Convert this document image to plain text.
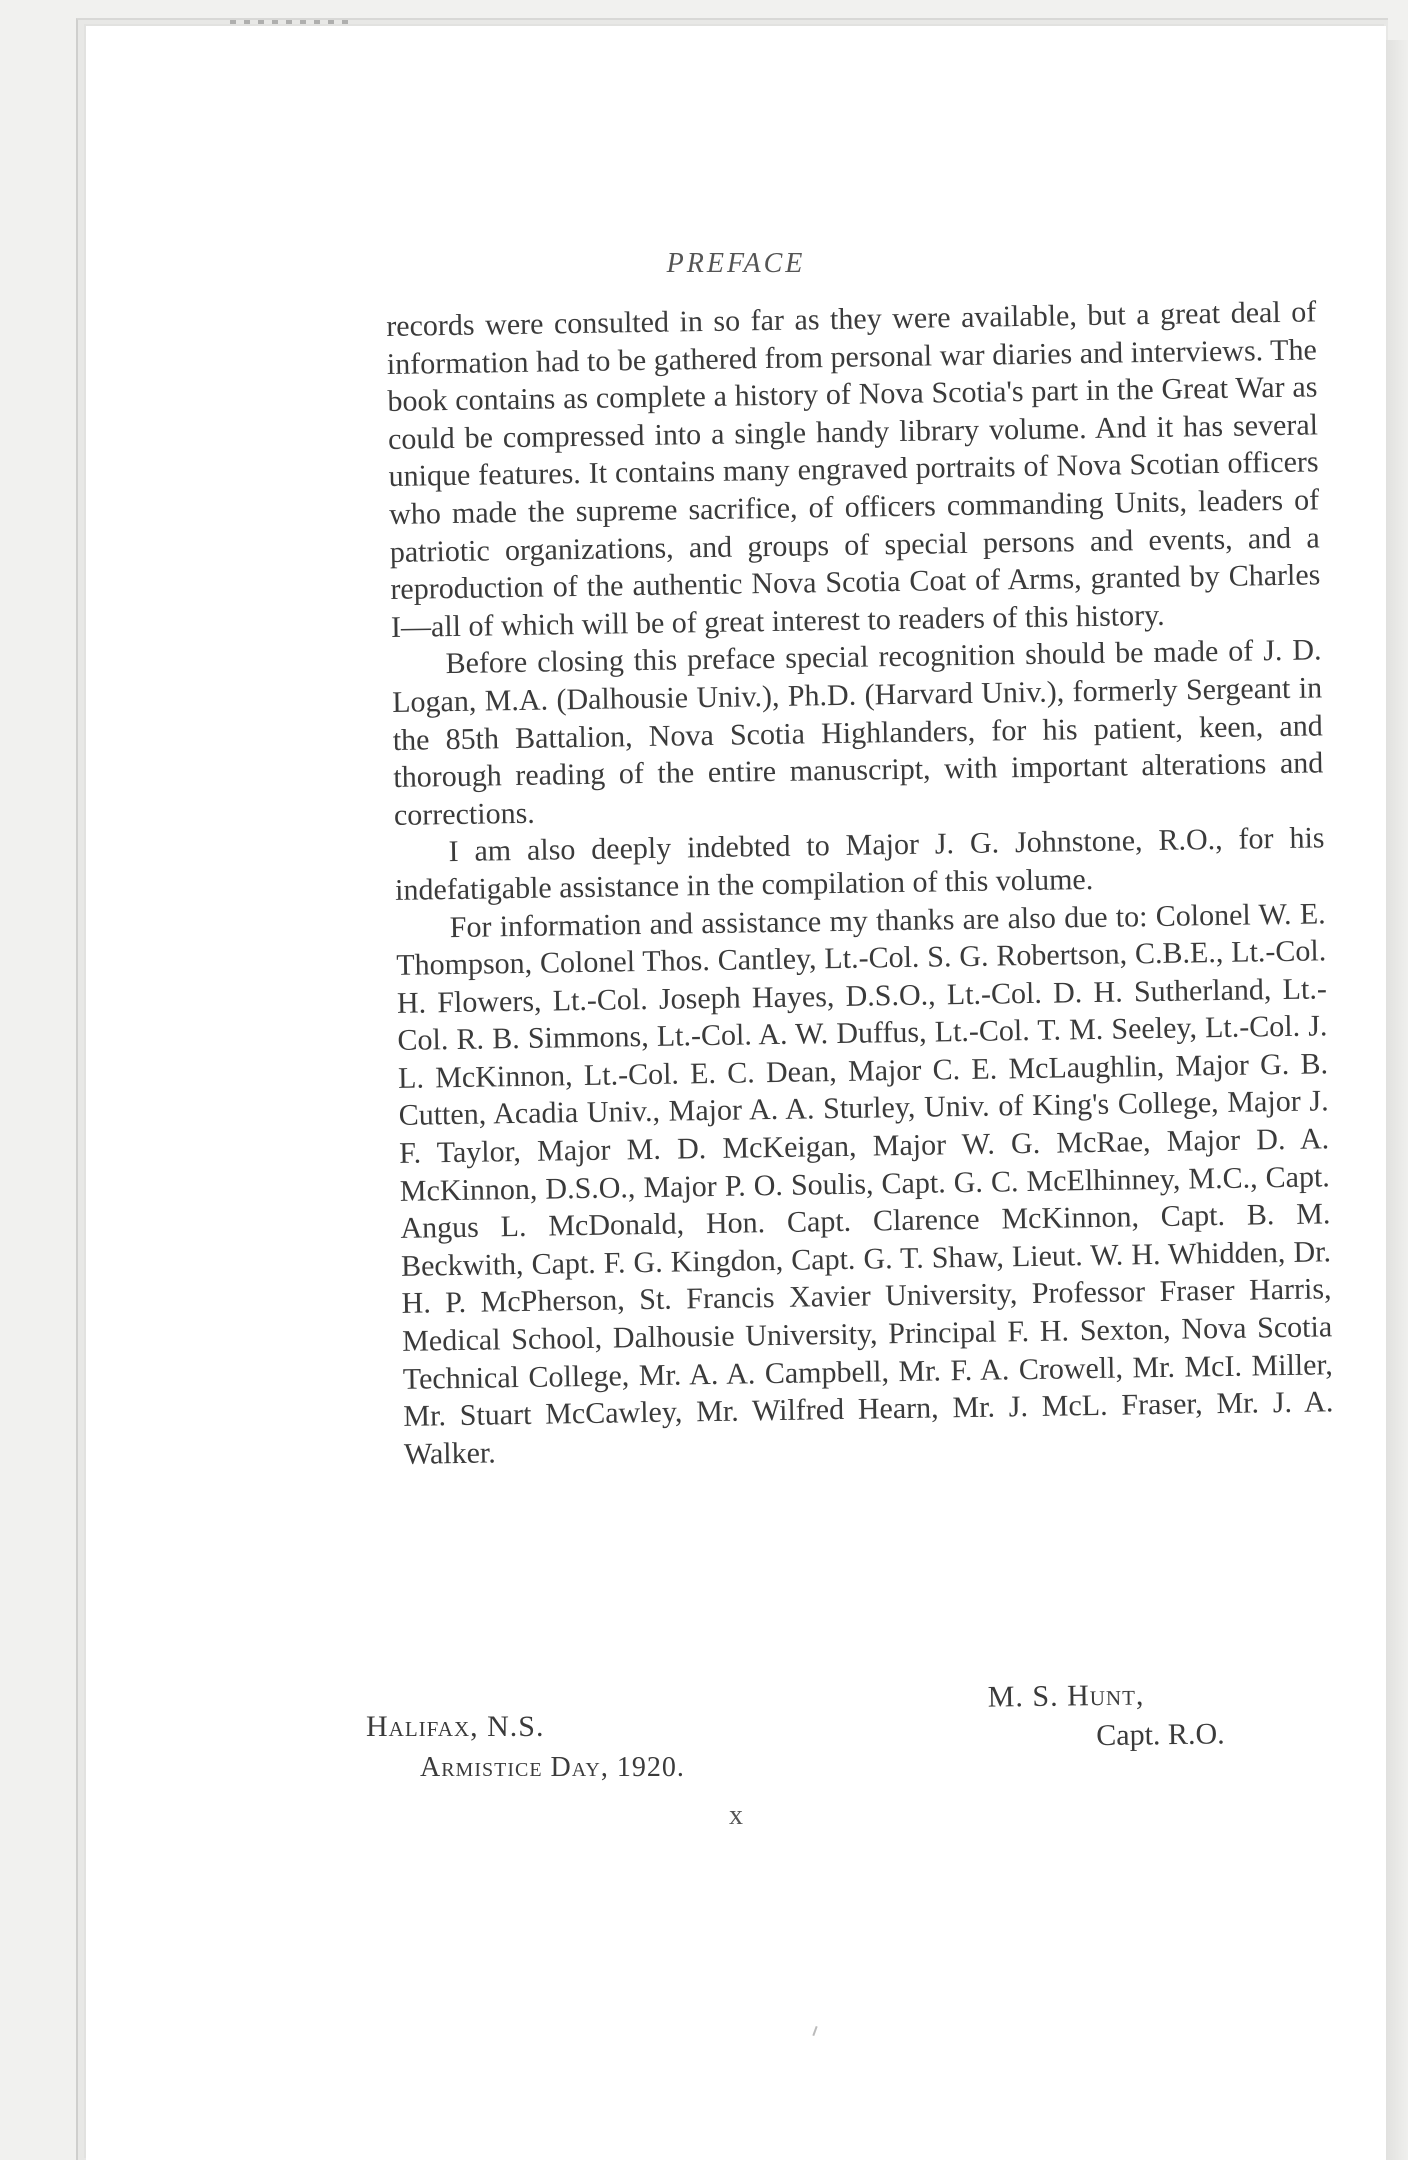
PREFACE

records were consulted in so far as they were available, but a great deal of information had to be gathered from personal war diaries and interviews. The book contains as complete a history of Nova Scotia's part in the Great War as could be compressed into a single handy library volume. And it has several unique features. It contains many engraved portraits of Nova Scotian officers who made the supreme sacrifice, of officers commanding Units, leaders of patriotic organizations, and groups of special persons and events, and a reproduction of the authentic Nova Scotia Coat of Arms, granted by Charles I—all of which will be of great interest to readers of this history.

Before closing this preface special recognition should be made of J. D. Logan, M.A. (Dalhousie Univ.), Ph.D. (Harvard Univ.), formerly Sergeant in the 85th Battalion, Nova Scotia Highlanders, for his patient, keen, and thorough reading of the entire manuscript, with important alterations and corrections.

I am also deeply indebted to Major J. G. Johnstone, R.O., for his indefatigable assistance in the compilation of this volume.

For information and assistance my thanks are also due to: Colonel W. E. Thompson, Colonel Thos. Cantley, Lt.-Col. S. G. Robertson, C.B.E., Lt.-Col. H. Flowers, Lt.-Col. Joseph Hayes, D.S.O., Lt.-Col. D. H. Sutherland, Lt.-Col. R. B. Simmons, Lt.-Col. A. W. Duffus, Lt.-Col. T. M. Seeley, Lt.-Col. J. L. McKinnon, Lt.-Col. E. C. Dean, Major C. E. McLaughlin, Major G. B. Cutten, Acadia Univ., Major A. A. Sturley, Univ. of King's College, Major J. F. Taylor, Major M. D. McKeigan, Major W. G. McRae, Major D. A. McKinnon, D.S.O., Major P. O. Soulis, Capt. G. C. McElhinney, M.C., Capt. Angus L. McDonald, Hon. Capt. Clarence McKinnon, Capt. B. M. Beckwith, Capt. F. G. Kingdon, Capt. G. T. Shaw, Lieut. W. H. Whidden, Dr. H. P. McPherson, St. Francis Xavier University, Professor Fraser Harris, Medical School, Dalhousie University, Principal F. H. Sexton, Nova Scotia Technical College, Mr. A. A. Campbell, Mr. F. A. Crowell, Mr. McI. Miller, Mr. Stuart McCawley, Mr. Wilfred Hearn, Mr. J. McL. Fraser, Mr. J. A. Walker.

M. S. Hunt,
Capt. R.O.
Halifax, N.S.
Armistice Day, 1920.
x
